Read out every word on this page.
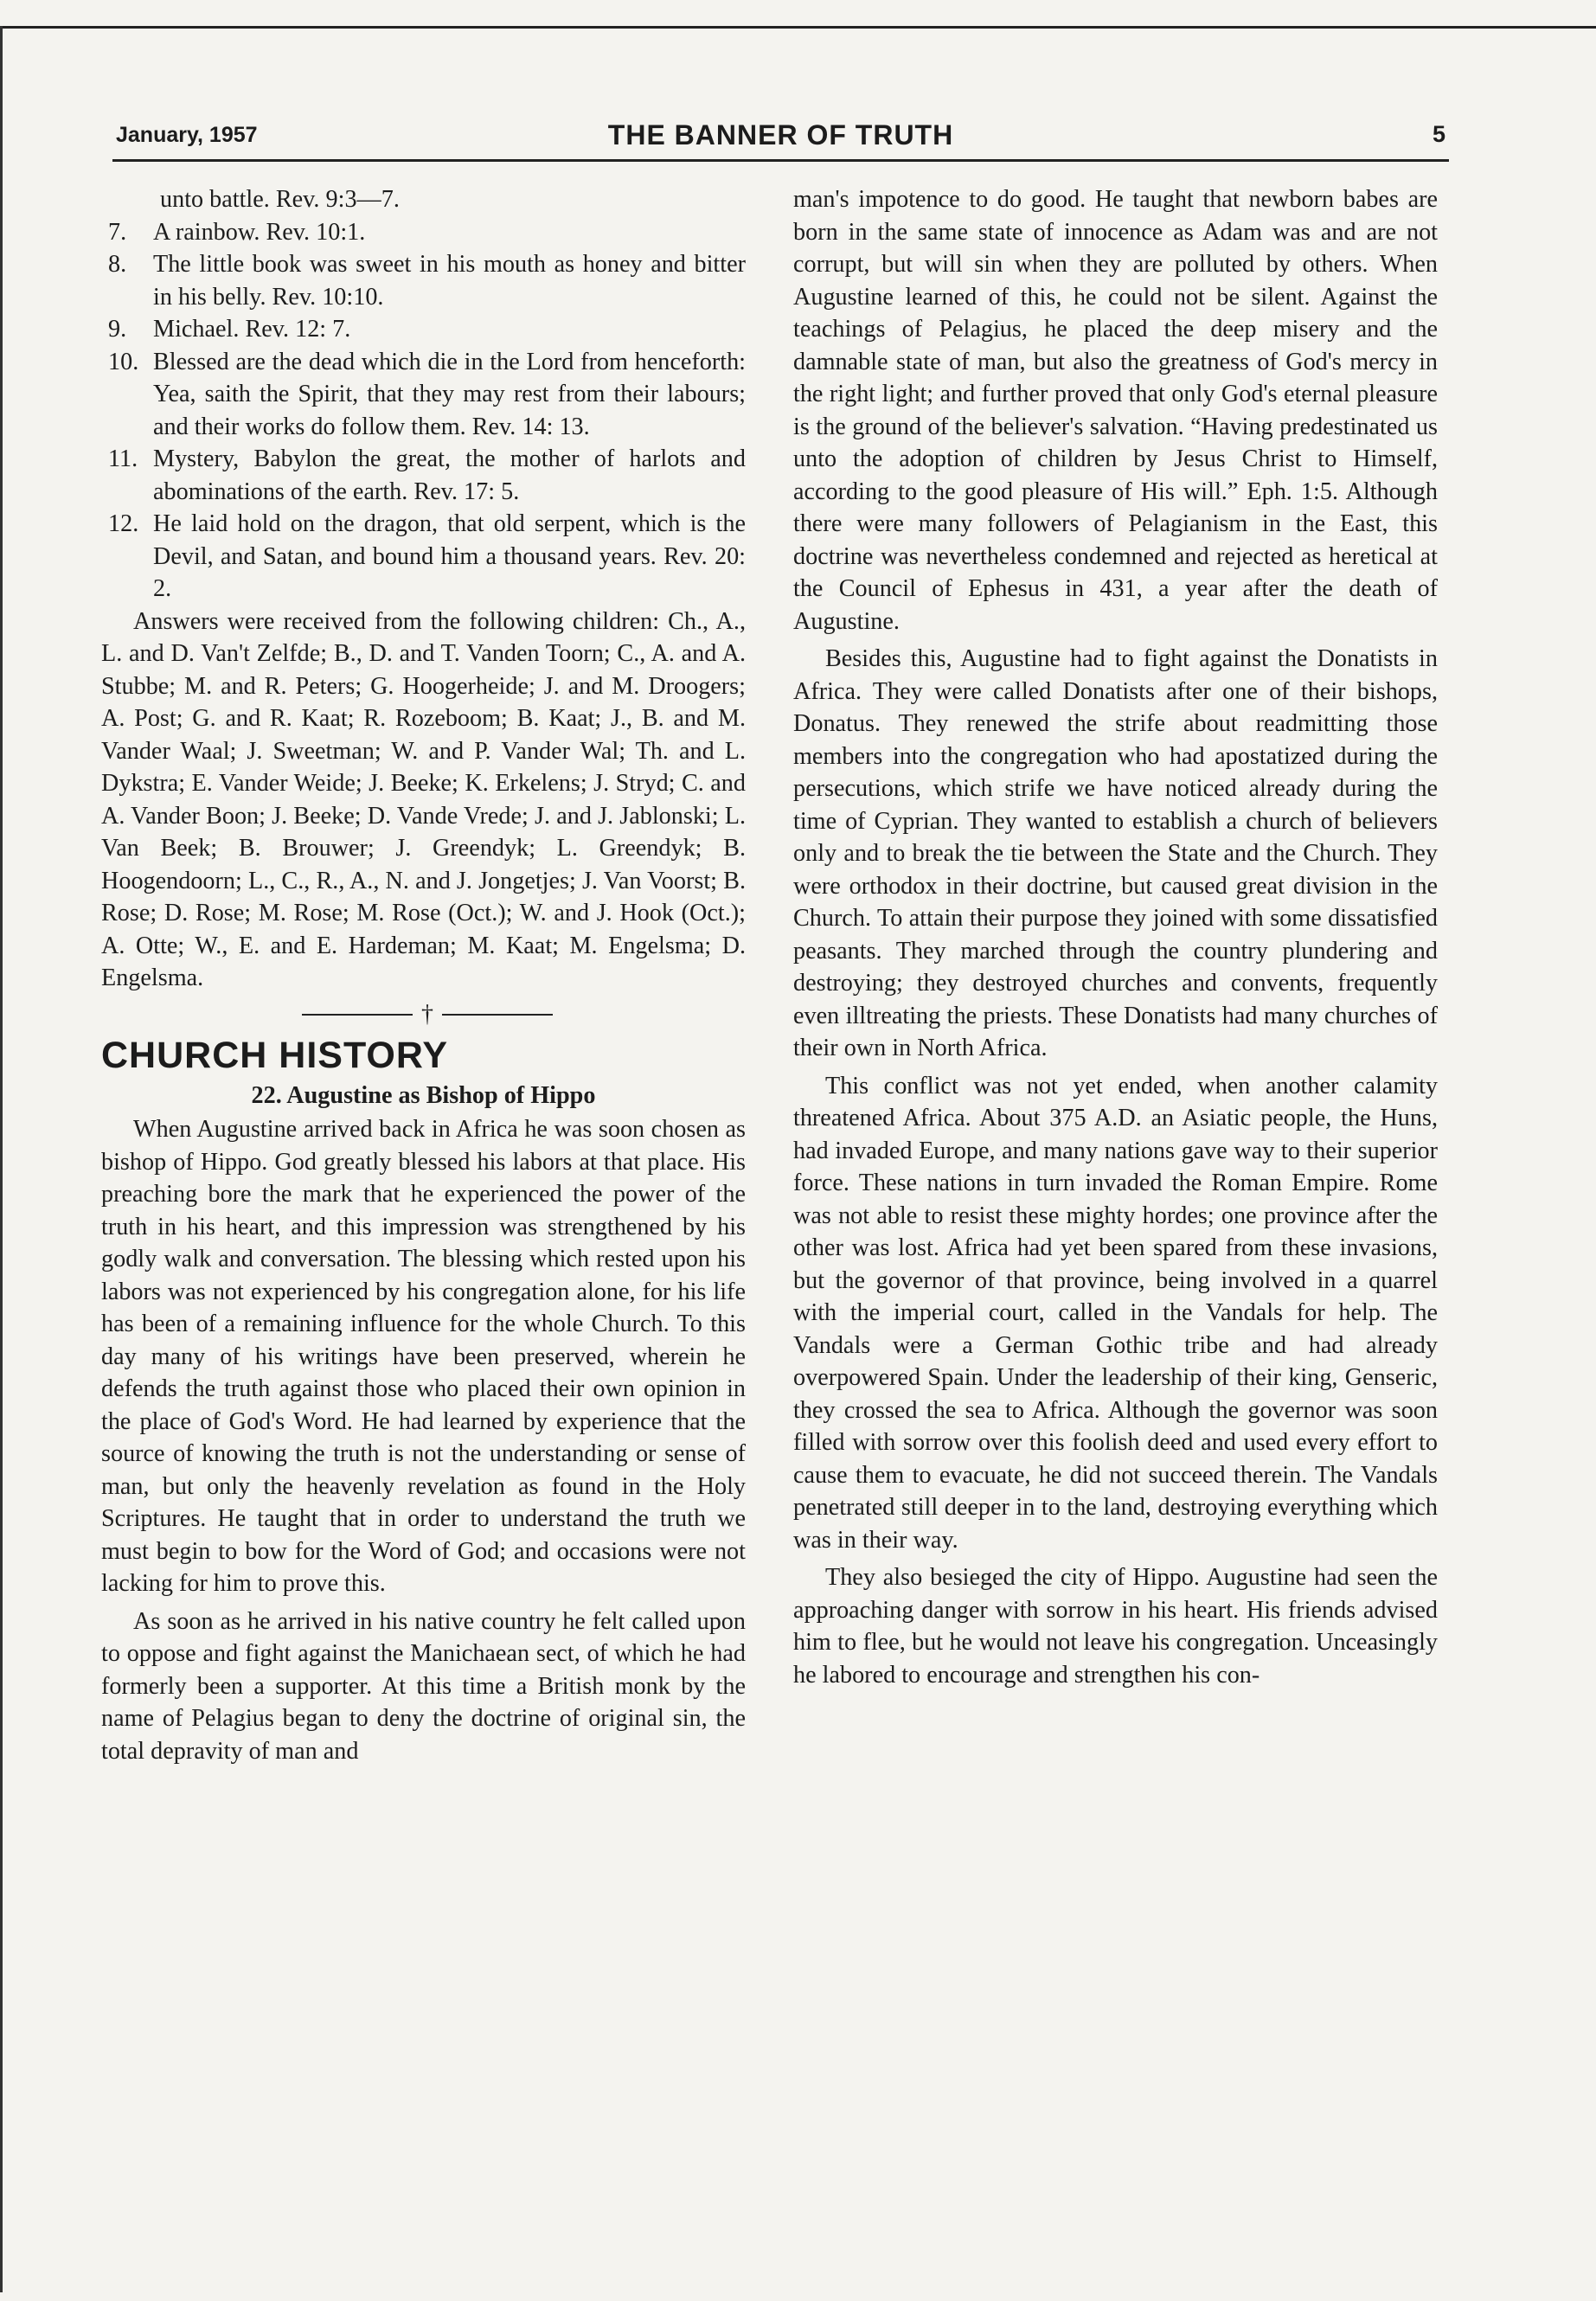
January, 1957	THE BANNER OF TRUTH	5

unto battle. Rev. 9:3—7.

7.	A rainbow. Rev. 10:1.
8.	The little book was sweet in his mouth as honey and bitter in his belly. Rev. 10:10.
9.	Michael. Rev. 12: 7.
10. Blessed are the dead which die in the Lord from henceforth: Yea, saith the Spirit, that they may rest from their labours; and their works do follow them. Rev. 14: 13.
11. Mystery, Babylon the great, the mother of harlots and abominations of the earth. Rev. 17: 5.
12. He laid hold on the dragon, that old serpent, which is the Devil, and Satan, and bound him a thousand years. Rev. 20: 2.

Answers were received from the following children: Ch., A., L. and D. Van't Zelfde; B., D. and T. Vanden Toorn; C., A. and A. Stubbe; M. and R. Peters; G. Hoogerheide; J. and M. Droogers; A. Post; G. and R. Kaat; R. Rozeboom; B. Kaat; J., B. and M. Vander Waal; J. Sweetman; W. and P. Vander Wal; Th. and L. Dykstra; E. Vander Weide; J. Beeke; K. Erkelens; J. Stryd; C. and A. Vander Boon; J. Beeke; D. Vande Vrede; J. and J. Jablonski; L. Van Beek; B. Brouwer; J. Greendyk; L. Greendyk; B. Hoogendoorn; L., C., R., A., N. and J. Jongetjes; J. Van Voorst; B. Rose; D. Rose; M. Rose; M. Rose (Oct.); W. and J. Hook (Oct.); A. Otte; W., E. and E. Hardeman; M. Kaat; M. Engelsma; D. Engelsma.

†
CHURCH HISTORY
22. Augustine as Bishop of Hippo

When Augustine arrived back in Africa he was soon chosen as bishop of Hippo. God greatly blessed his labors at that place. His preaching bore the mark that he experienced the power of the truth in his heart, and this impression was strengthened by his godly walk and conversation. The blessing which rested upon his labors was not experienced by his congregation alone, for his life has been of a remaining influence for the whole Church. To this day many of his writings have been preserved, wherein he defends the truth against those who placed their own opinion in the place of God's Word. He had learned by experience that the source of knowing the truth is not the understanding or sense of man, but only the heavenly revelation as found in the Holy Scriptures. He taught that in order to understand the truth we must begin to bow for the Word of God; and occasions were not lacking for him to prove this.

As soon as he arrived in his native country he felt called upon to oppose and fight against the Manichaean sect, of which he had formerly been a supporter. At this time a British monk by the name of Pelagius began to deny the doctrine of original sin, the total depravity of man and

man's impotence to do good. He taught that newborn babes are born in the same state of innocence as Adam was and are not corrupt, but will sin when they are polluted by others. When Augustine learned of this, he could not be silent. Against the teachings of Pelagius, he placed the deep misery and the damnable state of man, but also the greatness of God's mercy in the right light; and further proved that only God's eternal pleasure is the ground of the believer's salvation. “Having predestinated us unto the adoption of children by Jesus Christ to Himself, according to the good pleasure of His will.” Eph. 1:5. Although there were many followers of Pelagianism in the East, this doctrine was nevertheless condemned and rejected as heretical at the Council of Ephesus in 431, a year after the death of Augustine.

Besides this, Augustine had to fight against the Donatists in Africa. They were called Donatists after one of their bishops, Donatus. They renewed the strife about readmitting those members into the congregation who had apostatized during the persecutions, which strife we have noticed already during the time of Cyprian. They wanted to establish a church of believers only and to break the tie between the State and the Church. They were orthodox in their doctrine, but caused great division in the Church. To attain their purpose they joined with some dissatisfied peasants. They marched through the country plundering and destroying; they destroyed churches and convents, frequently even illtreating the priests. These Donatists had many churches of their own in North Africa.

This conflict was not yet ended, when another calamity threatened Africa. About 375 A.D. an Asiatic people, the Huns, had invaded Europe, and many nations gave way to their superior force. These nations in turn invaded the Roman Empire. Rome was not able to resist these mighty hordes; one province after the other was lost. Africa had yet been spared from these invasions, but the governor of that province, being involved in a quarrel with the imperial court, called in the Vandals for help. The Vandals were a German Gothic tribe and had already overpowered Spain. Under the leadership of their king, Genseric, they crossed the sea to Africa. Although the governor was soon filled with sorrow over this foolish deed and used every effort to cause them to evacuate, he did not succeed therein. The Vandals penetrated still deeper in to the land, destroying everything which was in their way.

They also besieged the city of Hippo. Augustine had seen the approaching danger with sorrow in his heart. His friends advised him to flee, but he would not leave his congregation. Unceasingly he labored to encourage and strengthen his con-
